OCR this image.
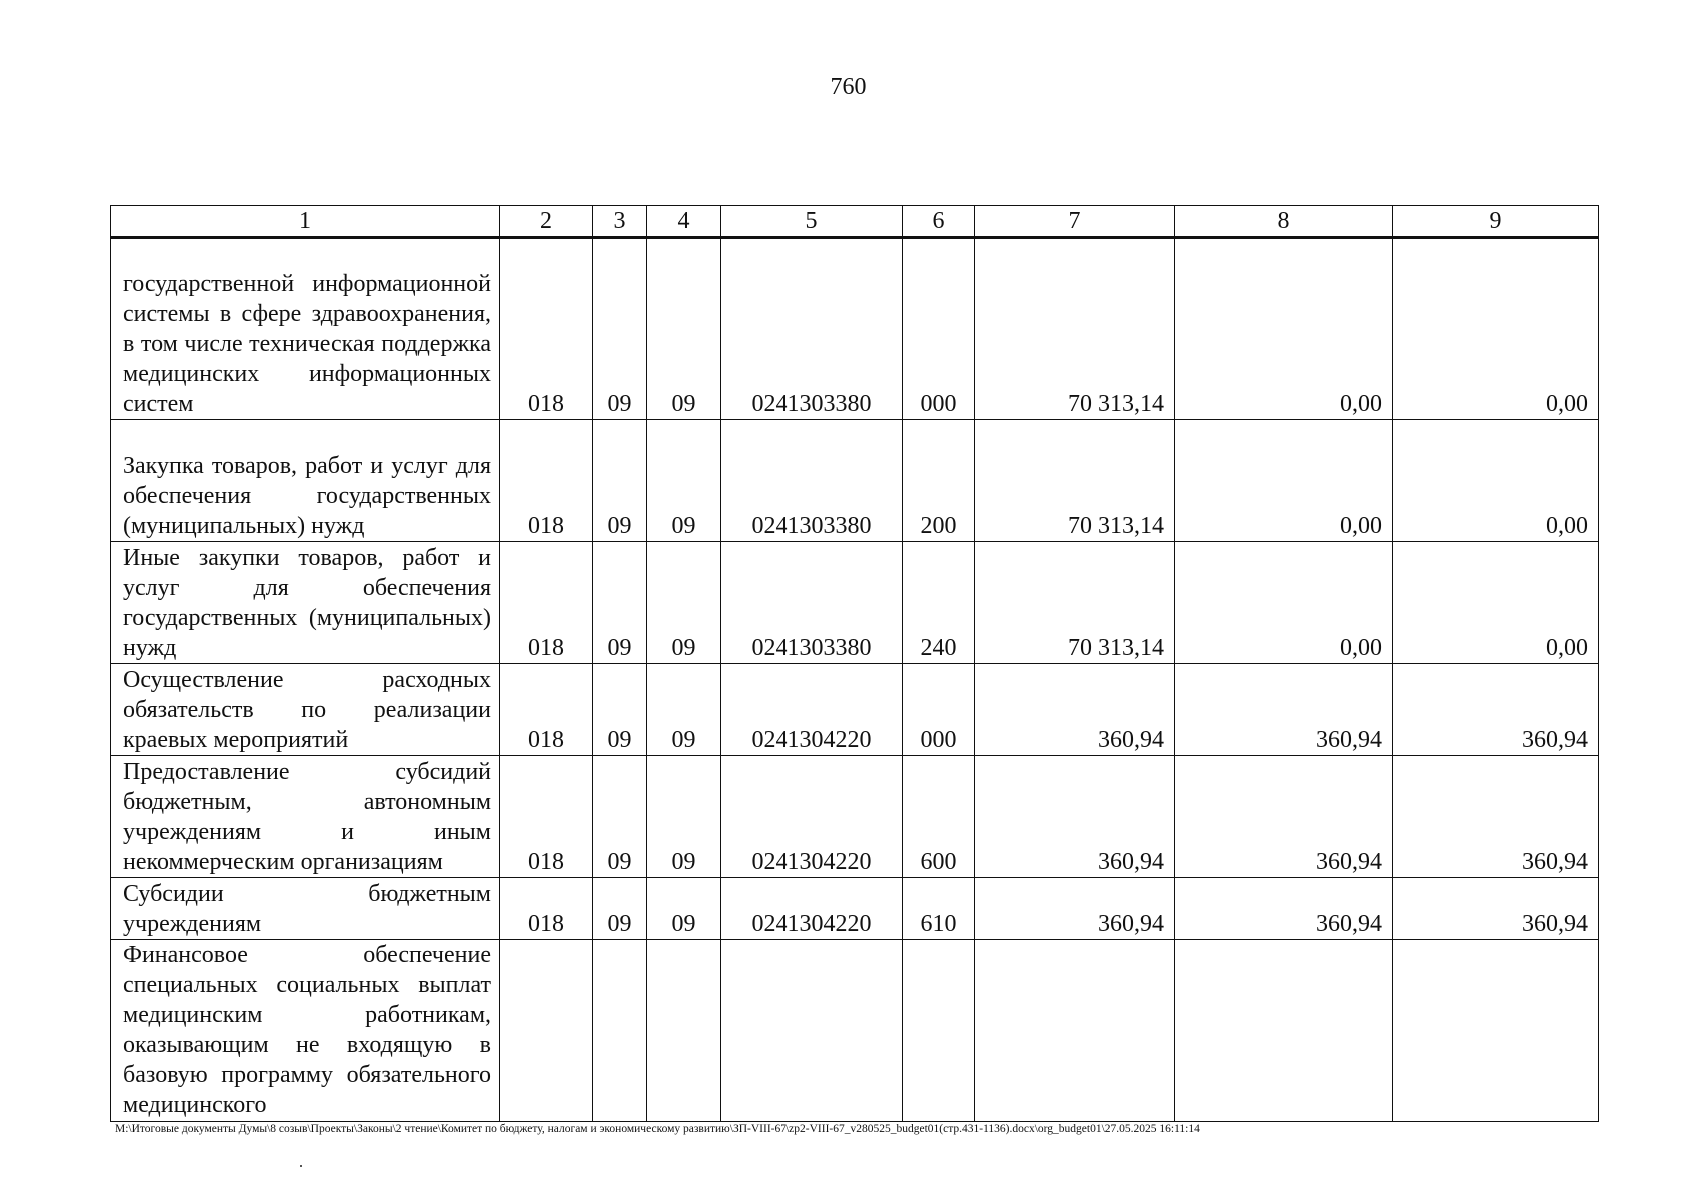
760
1	2	3	4	5	6	7	8	9
государственной информационной системы в сфере здравоохранения, в том числе техническая поддержка медицинских информационных систем	018	09	09	0241303380	000	70 313,14	0,00	0,00
Закупка товаров, работ и услуг для обеспечения государственных (муниципальных) нужд	018	09	09	0241303380	200	70 313,14	0,00	0,00
Иные закупки товаров, работ и услуг для обеспечения государственных (муниципальных) нужд	018	09	09	0241303380	240	70 313,14	0,00	0,00
Осуществление расходных обязательств по реализации краевых мероприятий	018	09	09	0241304220	000	360,94	360,94	360,94
Предоставление субсидий бюджетным, автономным учреждениям и иным некоммерческим организациям	018	09	09	0241304220	600	360,94	360,94	360,94
Субсидии бюджетным учреждениям	018	09	09	0241304220	610	360,94	360,94	360,94
Финансовое обеспечение специальных социальных выплат медицинским работникам, оказывающим не входящую в базовую программу обязательного медицинского								
М:\Итоговые документы Думы\8 созыв\Проекты\Законы\2 чтение\Комитет по бюджету, налогам и экономическому развитию\ЗП-VIII-67\zp2-VIII-67_v280525_budget01(стр.431-1136).docx\org_budget01\27.05.2025 16:11:14
